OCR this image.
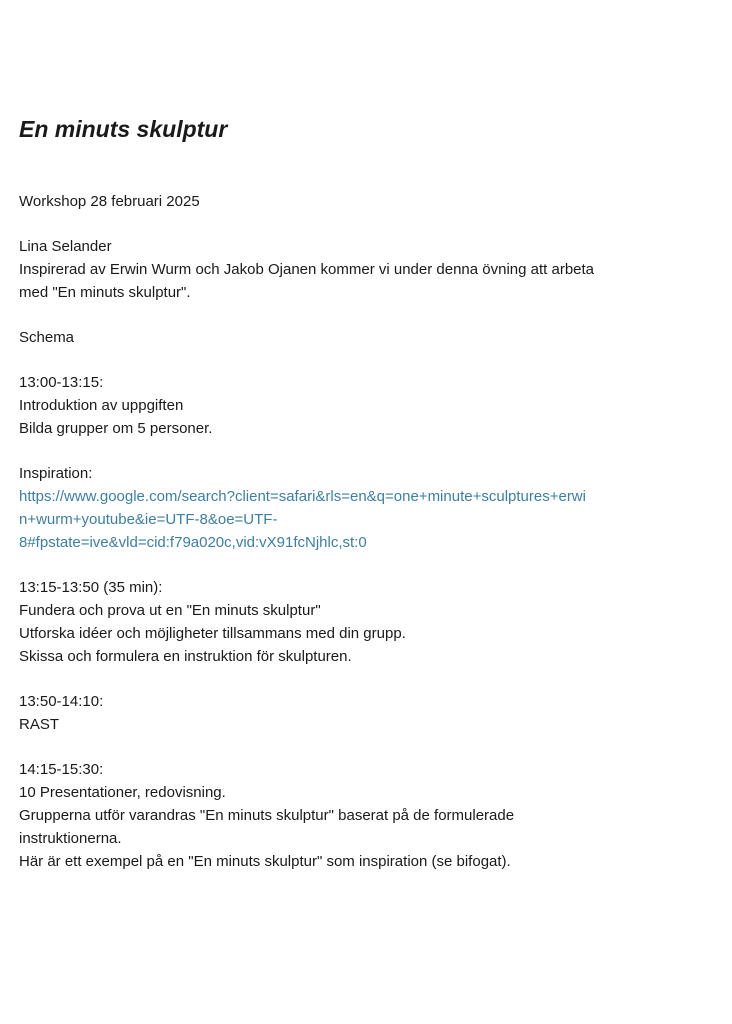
En minuts skulptur
Workshop 28 februari 2025
Lina Selander
Inspirerad av Erwin Wurm och Jakob Ojanen kommer vi under denna övning att arbeta
med "En minuts skulptur".
Schema
13:00-13:15:
Introduktion av uppgiften
Bilda grupper om 5 personer.
Inspiration:
https://www.google.com/search?client=safari&rls=en&q=one+minute+sculptures+erwi
n+wurm+youtube&ie=UTF-8&oe=UTF-
8#fpstate=ive&vld=cid:f79a020c,vid:vX91fcNjhlc,st:0
13:15-13:50 (35 min):
Fundera och prova ut en "En minuts skulptur"
Utforska idéer och möjligheter tillsammans med din grupp.
Skissa och formulera en instruktion för skulpturen.
13:50-14:10:
RAST
14:15-15:30:
10 Presentationer, redovisning.
Grupperna utför varandras "En minuts skulptur" baserat på de formulerade
instruktionerna.
Här är ett exempel på en "En minuts skulptur" som inspiration (se bifogat).
